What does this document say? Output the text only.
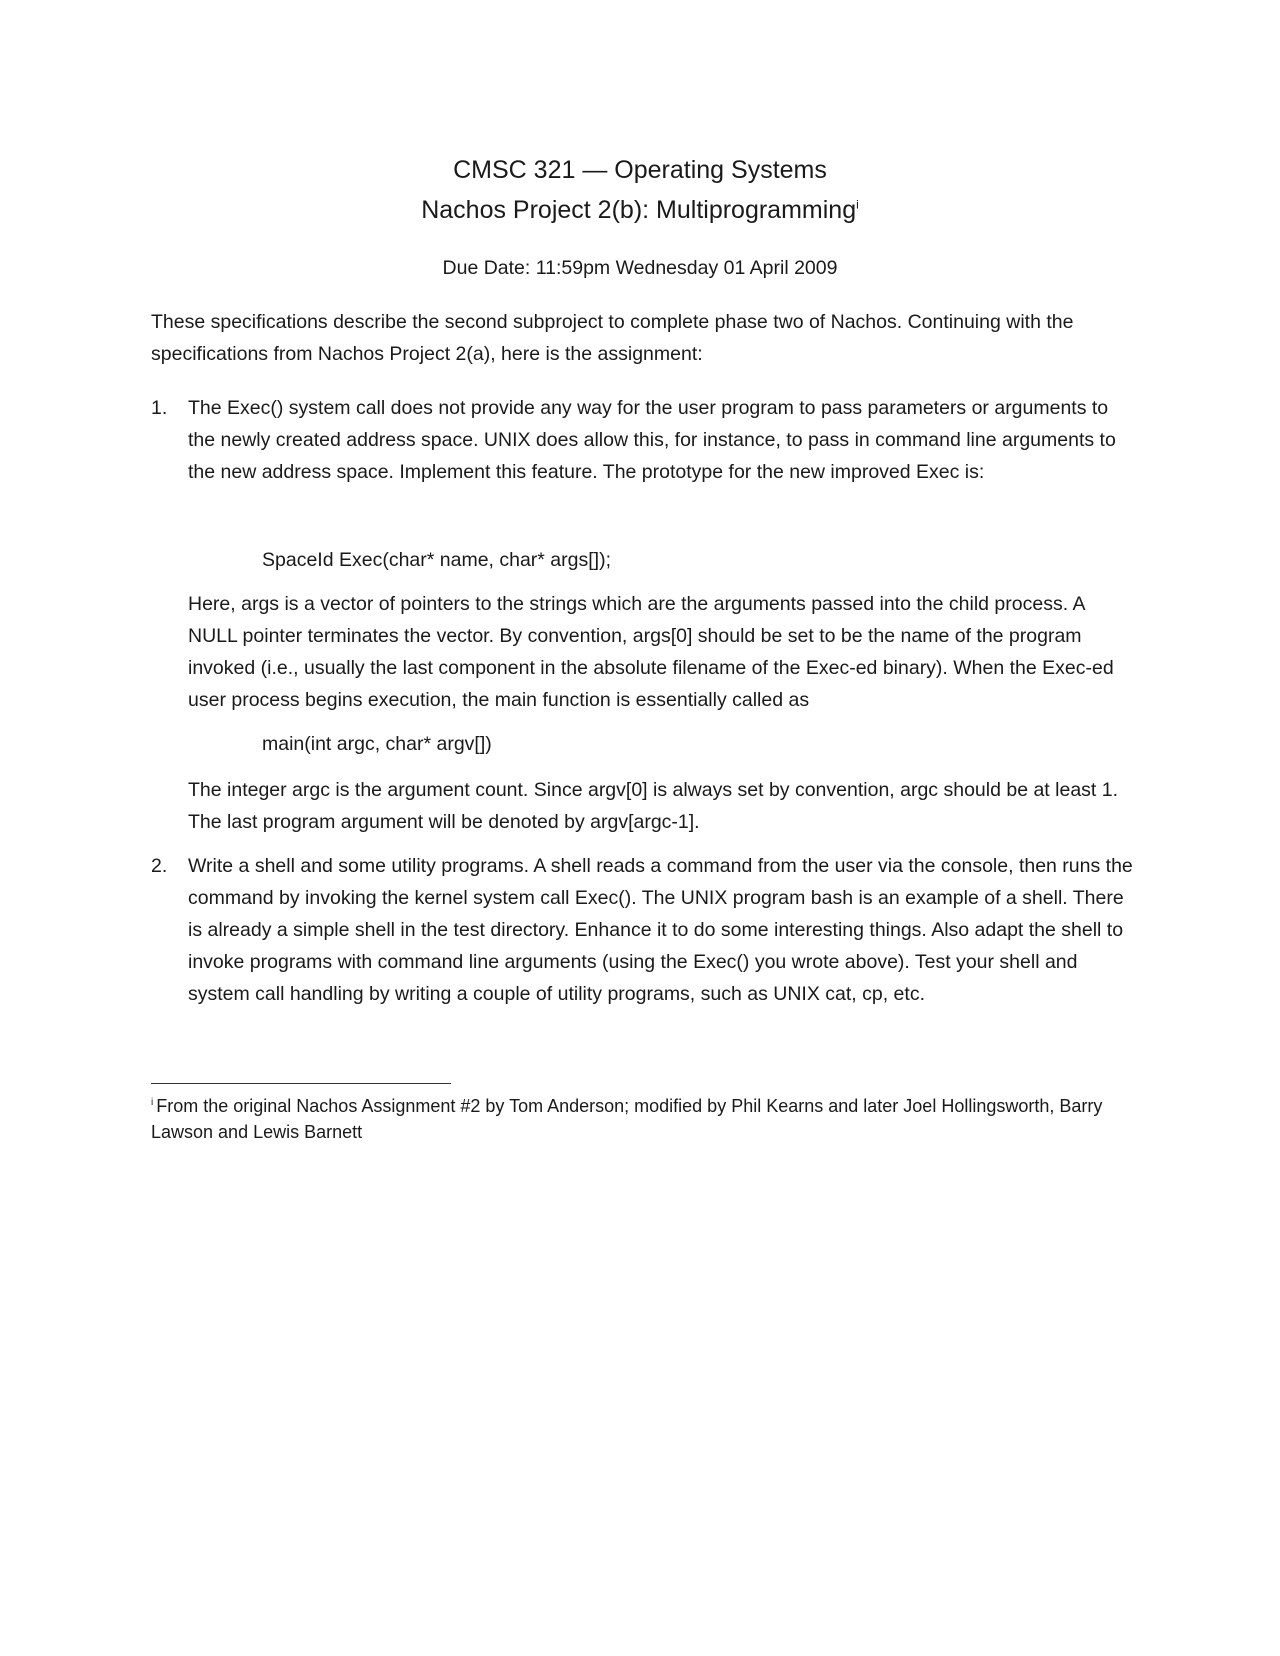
CMSC 321 — Operating Systems
Nachos Project 2(b): Multiprogramming$^i$
Due Date: 11:59pm Wednesday 01 April 2009

These specifications describe the second subproject to complete phase two of Nachos. Continuing with the specifications from Nachos Project 2(a), here is the assignment:

1. The Exec() system call does not provide any way for the user program to pass parameters or arguments to the newly created address space. UNIX does allow this, for instance, to pass in command line arguments to the new address space. Implement this feature. The prototype for the new improved Exec is:

SpaceId Exec(char* name, char* args[]);

Here, args is a vector of pointers to the strings which are the arguments passed into the child process. A NULL pointer terminates the vector. By convention, args[0] should be set to be the name of the program invoked (i.e., usually the last component in the absolute filename of the Exec-ed binary). When the Exec-ed user process begins execution, the main function is essentially called as

main(int argc, char* argv[])

The integer argc is the argument count. Since argv[0] is always set by convention, argc should be at least 1. The last program argument will be denoted by argv[argc-1].

2. Write a shell and some utility programs. A shell reads a command from the user via the console, then runs the command by invoking the kernel system call Exec(). The UNIX program bash is an example of a shell. There is already a simple shell in the test directory. Enhance it to do some interesting things. Also adapt the shell to invoke programs with command line arguments (using the Exec() you wrote above). Test your shell and system call handling by writing a couple of utility programs, such as UNIX cat, cp, etc.

$^i$ From the original Nachos Assignment #2 by Tom Anderson; modified by Phil Kearns and later Joel Hollingsworth, Barry Lawson and Lewis Barnett
